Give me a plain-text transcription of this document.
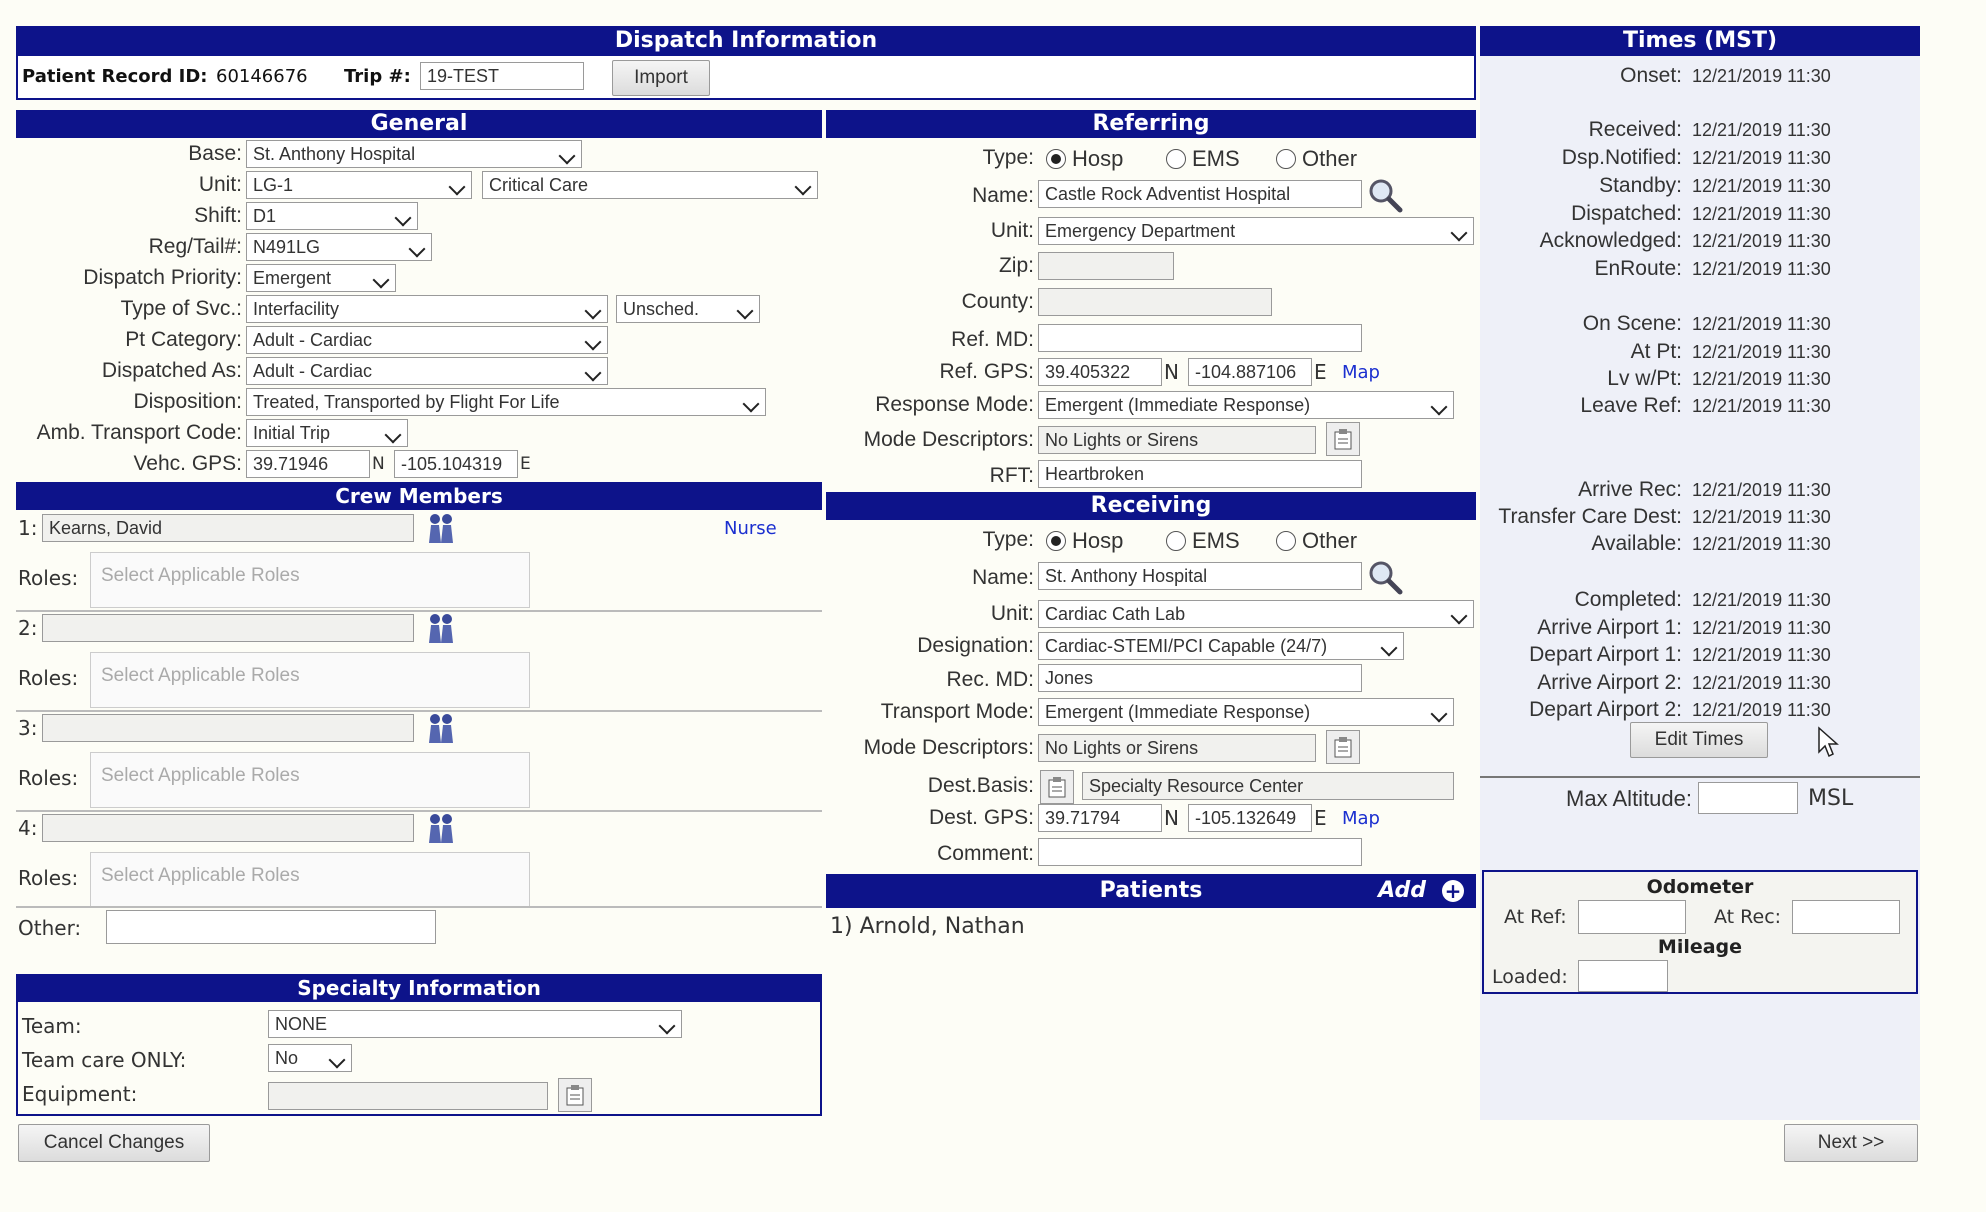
Dispatch Information
Patient Record ID: 60146676 Trip #: 19-TEST	Import
General
Base: St. Anthony Hospital
Unit: LG-1	Critical Care
Shift: D1
Reg/Tail#: N491LG
Dispatch Priority: Emergent
Type of Svc.: Interfacility	Unsched.
Pt Category: Adult - Cardiac
Dispatched As: Adult - Cardiac
Disposition: Treated, Transported by Flight For Life
Amb. Transport Code: Initial Trip
Vehc. GPS: 39.71946	N -105.104319	E
Crew Members
1: Kearns, David	Nurse
Roles:	Select Applicable Roles
2:
Roles:	Select Applicable Roles
3:
Roles:	Select Applicable Roles
4:
Roles:	Select Applicable Roles
Other:
Specialty Information
Team:	NONE
Team care ONLY:	No
Equipment:
Referring
Type: Hosp	EMS	Other
Name: Castle Rock Adventist Hospital
Unit: Emergency Department
Zip:
County:
Ref. MD:
Ref. GPS: 39.405322	N -104.887106 E Map
Response Mode: Emergent (Immediate Response)
Mode Descriptors: No Lights or Sirens
RFT: Heartbroken
Receiving
Type: Hosp	EMS	Other
Name: St. Anthony Hospital
Unit: Cardiac Cath Lab
Designation: Cardiac-STEMI/PCI Capable (24/7)
Rec. MD: Jones
Transport Mode: Emergent (Immediate Response)
Mode Descriptors: No Lights or Sirens
Dest.Basis:	Specialty Resource Center
Dest. GPS: 39.71794	N -105.132649 E Map
Comment:
Patients	Add +
1) Arnold, Nathan
Times (MST)
Onset: 12/21/2019 11:30
Received: 12/21/2019 11:30
Dsp.Notified: 12/21/2019 11:30
Standby: 12/21/2019 11:30
Dispatched: 12/21/2019 11:30
Acknowledged: 12/21/2019 11:30
EnRoute: 12/21/2019 11:30
On Scene: 12/21/2019 11:30
At Pt: 12/21/2019 11:30
Lv w/Pt: 12/21/2019 11:30
Leave Ref: 12/21/2019 11:30
Arrive Rec: 12/21/2019 11:30
Transfer Care Dest: 12/21/2019 11:30
Available: 12/21/2019 11:30
Completed: 12/21/2019 11:30
Arrive Airport 1: 12/21/2019 11:30
Depart Airport 1: 12/21/2019 11:30
Arrive Airport 2: 12/21/2019 11:30
Depart Airport 2: 12/21/2019 11:30
Edit Times
Max Altitude:	MSL
Odometer
At Ref:	At Rec:
Mileage
Loaded:
Cancel Changes	Next >>
